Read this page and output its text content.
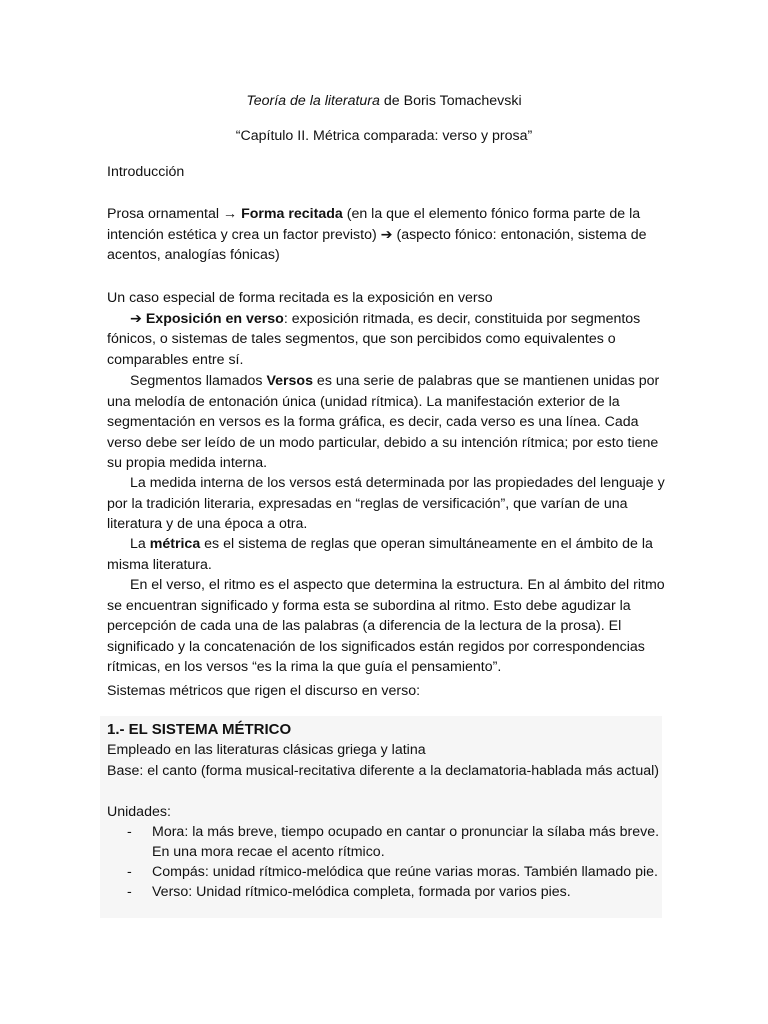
Teoría de la literatura de Boris Tomachevski
“Capítulo II. Métrica comparada: verso y prosa”

Introducción

Prosa ornamental → Forma recitada (en la que el elemento fónico forma parte de la intención estética y crea un factor previsto) ➔ (aspecto fónico: entonación, sistema de acentos, analogías fónicas)

Un caso especial de forma recitada es la exposición en verso
➔ Exposición en verso: exposición ritmada, es decir, constituida por segmentos fónicos, o sistemas de tales segmentos, que son percibidos como equivalentes o comparables entre sí.

Segmentos llamados Versos es una serie de palabras que se mantienen unidas por una melodía de entonación única (unidad rítmica). La manifestación exterior de la segmentación en versos es la forma gráfica, es decir, cada verso es una línea. Cada verso debe ser leído de un modo particular, debido a su intención rítmica; por esto tiene su propia medida interna.

La medida interna de los versos está determinada por las propiedades del lenguaje y por la tradición literaria, expresadas en “reglas de versificación”, que varían de una literatura y de una época a otra.

La métrica es el sistema de reglas que operan simultáneamente en el ámbito de la misma literatura.

En el verso, el ritmo es el aspecto que determina la estructura. En al ámbito del ritmo se encuentran significado y forma esta se subordina al ritmo. Esto debe agudizar la percepción de cada una de las palabras (a diferencia de la lectura de la prosa). El significado y la concatenación de los significados están regidos por correspondencias rítmicas, en los versos “es la rima la que guía el pensamiento”.

Sistemas métricos que rigen el discurso en verso:

1.- EL SISTEMA MÉTRICO

Empleado en las literaturas clásicas griega y latina

Base: el canto (forma musical-recitativa diferente a la declamatoria-hablada más actual)

Unidades:

- Mora: la más breve, tiempo ocupado en cantar o pronunciar la sílaba más breve. En una mora recae el acento rítmico.
- Compás: unidad rítmico-melódica que reúne varias moras. También llamado pie.
- Verso: Unidad rítmico-melódica completa, formada por varios pies.
